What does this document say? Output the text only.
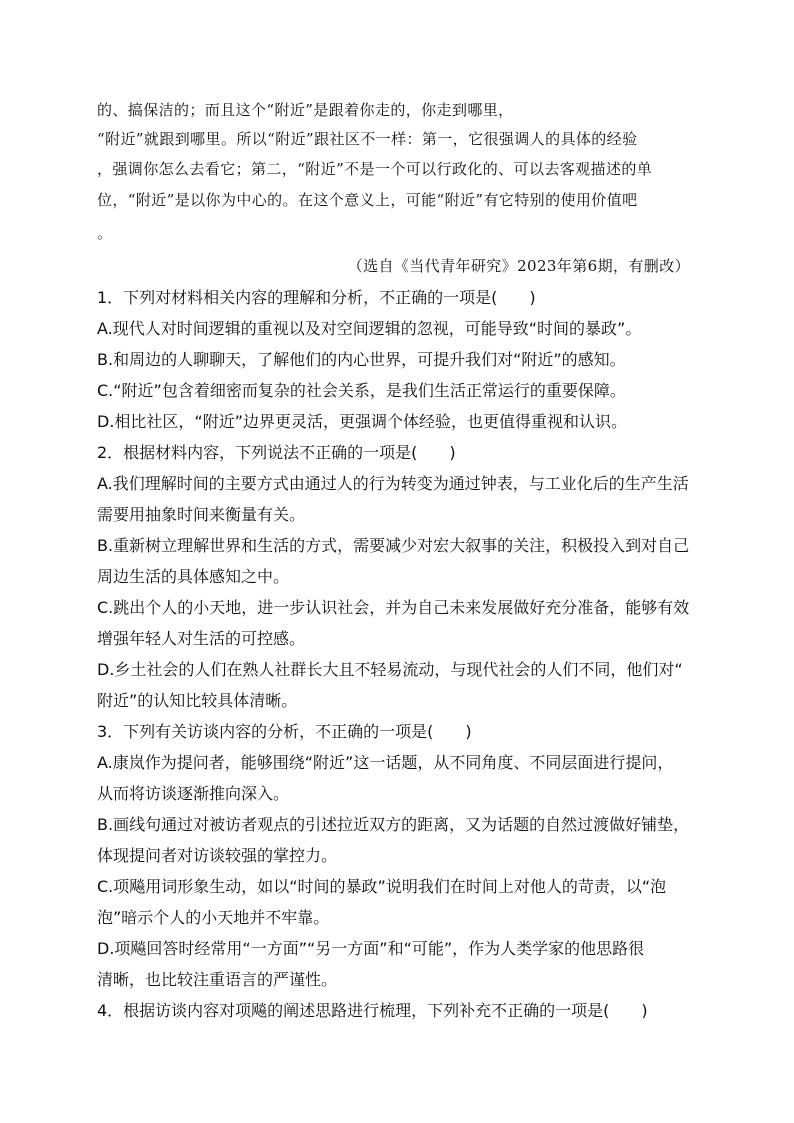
的、搞保洁的；而且这个“附近”是跟着你走的，你走到哪里，
“附近”就跟到哪里。所以“附近”跟社区不一样：第一，它很强调人的具体的经验
，强调你怎么去看它；第二，“附近”不是一个可以行政化的、可以去客观描述的单
位，“附近”是以你为中心的。在这个意义上，可能“附近”有它特别的使用价值吧
。
（选自《当代青年研究》2023年第6期，有删改）
1．下列对材料相关内容的理解和分析，不正确的一项是(　　)
A.现代人对时间逻辑的重视以及对空间逻辑的忽视，可能导致“时间的暴政”。
B.和周边的人聊聊天，了解他们的内心世界，可提升我们对“附近”的感知。
C.“附近”包含着细密而复杂的社会关系，是我们生活正常运行的重要保障。
D.相比社区，“附近”边界更灵活，更强调个体经验，也更值得重视和认识。
2．根据材料内容，下列说法不正确的一项是(　　)
A.我们理解时间的主要方式由通过人的行为转变为通过钟表，与工业化后的生产生活
需要用抽象时间来衡量有关。
B.重新树立理解世界和生活的方式，需要减少对宏大叙事的关注，积极投入到对自己
周边生活的具体感知之中。
C.跳出个人的小天地，进一步认识社会，并为自己未来发展做好充分准备，能够有效
增强年轻人对生活的可控感。
D.乡土社会的人们在熟人社群长大且不轻易流动，与现代社会的人们不同，他们对“
附近”的认知比较具体清晰。
3．下列有关访谈内容的分析，不正确的一项是(　　)
A.康岚作为提问者，能够围绕“附近”这一话题，从不同角度、不同层面进行提问，
从而将访谈逐渐推向深入。
B.画线句通过对被访者观点的引述拉近双方的距离，又为话题的自然过渡做好铺垫，
体现提问者对访谈较强的掌控力。
C.项飚用词形象生动，如以“时间的暴政”说明我们在时间上对他人的苛责，以“泡
泡”暗示个人的小天地并不牢靠。
D.项飚回答时经常用“一方面”“另一方面”和“可能”，作为人类学家的他思路很
清晰，也比较注重语言的严谨性。
4．根据访谈内容对项飚的阐述思路进行梳理，下列补充不正确的一项是(　　)
